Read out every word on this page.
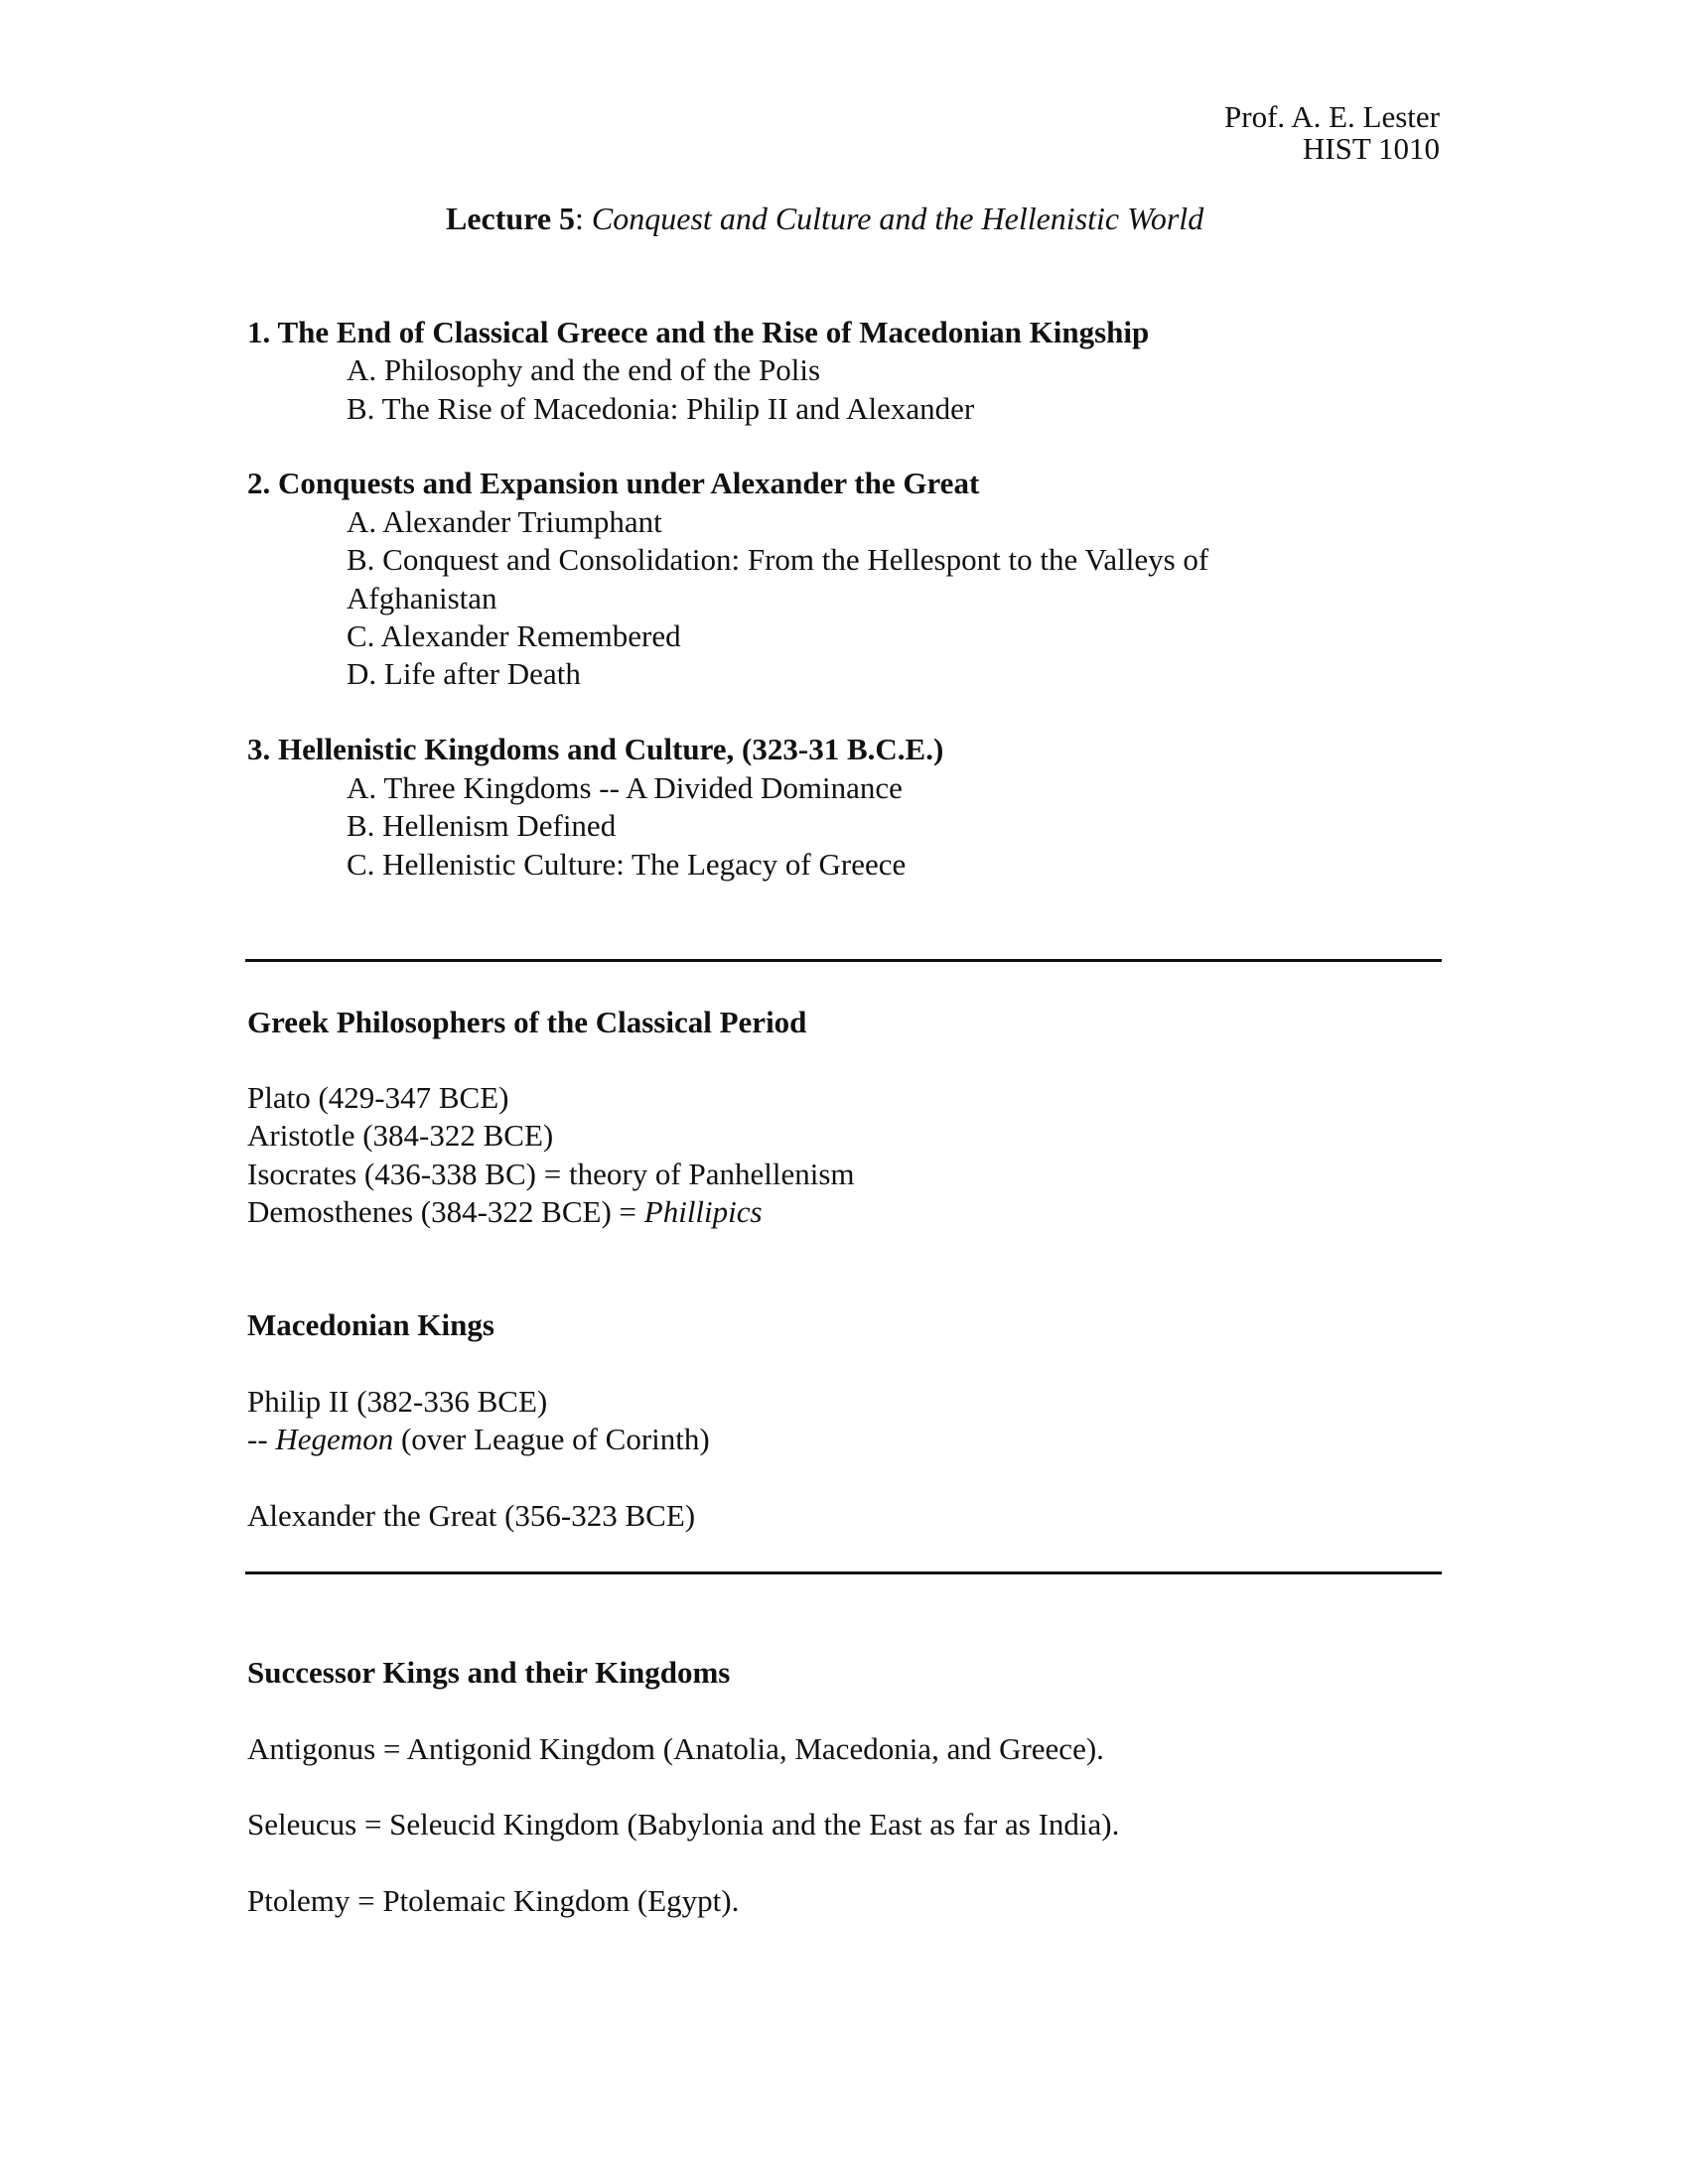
Prof. A. E. Lester
HIST 1010
Lecture 5: Conquest and Culture and the Hellenistic World
1. The End of Classical Greece and the Rise of Macedonian Kingship
A. Philosophy and the end of the Polis
B. The Rise of Macedonia: Philip II and Alexander
2. Conquests and Expansion under Alexander the Great
A. Alexander Triumphant
B. Conquest and Consolidation: From the Hellespont to the Valleys of
Afghanistan
C. Alexander Remembered
D. Life after Death
3. Hellenistic Kingdoms and Culture, (323-31 B.C.E.)
A. Three Kingdoms -- A Divided Dominance
B. Hellenism Defined
C. Hellenistic Culture: The Legacy of Greece
Greek Philosophers of the Classical Period
Plato (429-347 BCE)
Aristotle (384-322 BCE)
Isocrates (436-338 BC) = theory of Panhellenism
Demosthenes (384-322 BCE) = Phillipics
Macedonian Kings
Philip II (382-336 BCE)
-- Hegemon (over League of Corinth)
Alexander the Great (356-323 BCE)
Successor Kings and their Kingdoms
Antigonus = Antigonid Kingdom (Anatolia, Macedonia, and Greece).
Seleucus = Seleucid Kingdom (Babylonia and the East as far as India).
Ptolemy = Ptolemaic Kingdom (Egypt).
